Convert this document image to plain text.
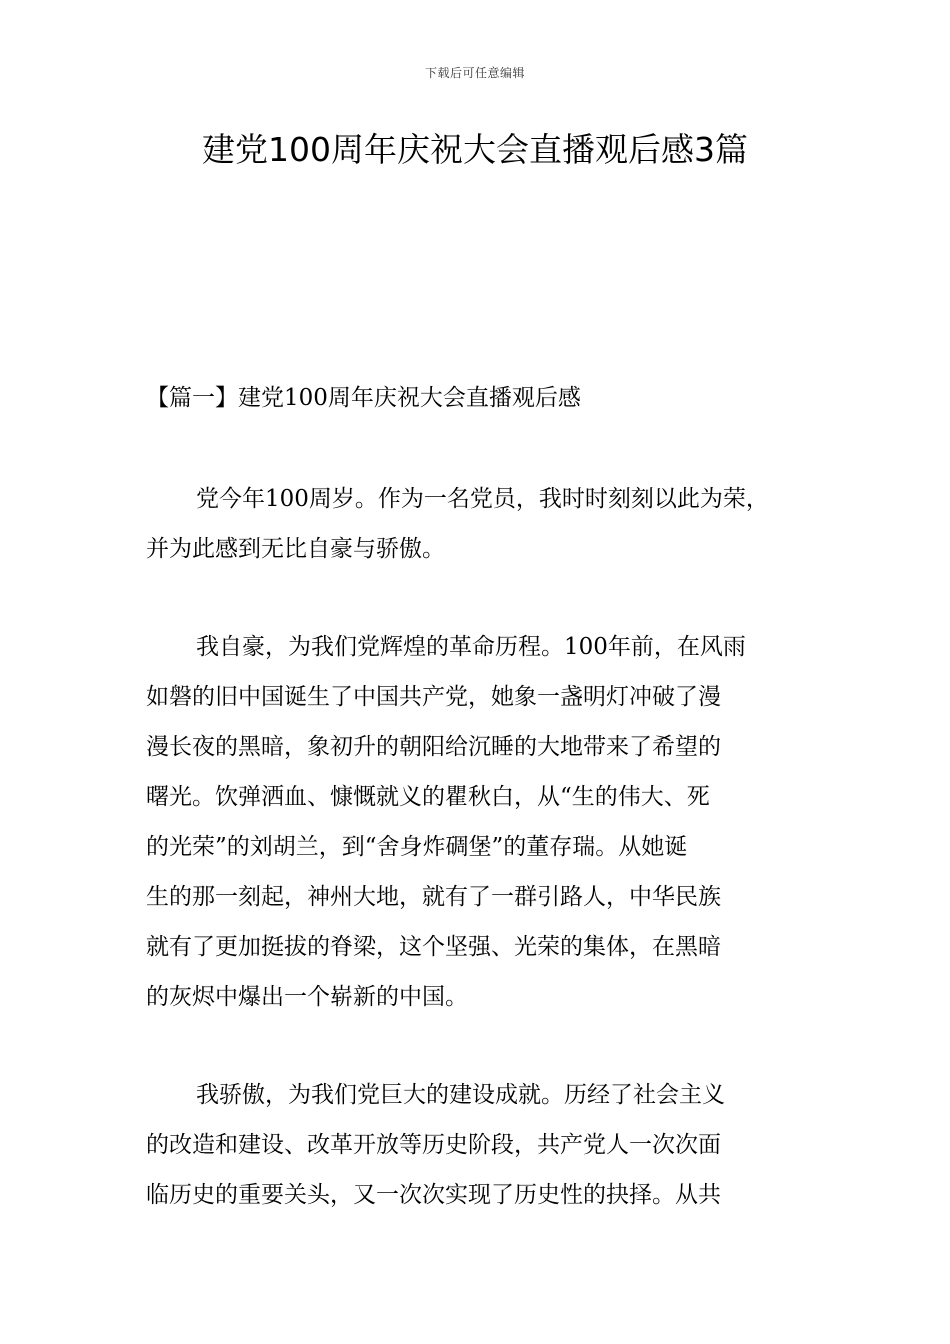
下载后可任意编辑
建党100周年庆祝大会直播观后感3篇
【篇一】建党100周年庆祝大会直播观后感
党今年100周岁。作为一名党员，我时时刻刻以此为荣，
并为此感到无比自豪与骄傲。
我自豪，为我们党辉煌的革命历程。100年前，在风雨
如磐的旧中国诞生了中国共产党，她象一盏明灯冲破了漫
漫长夜的黑暗，象初升的朝阳给沉睡的大地带来了希望的
曙光。饮弹洒血、慷慨就义的瞿秋白，从“生的伟大、死
的光荣”的刘胡兰，到“舍身炸碉堡”的董存瑞。从她诞
生的那一刻起，神州大地，就有了一群引路人，中华民族
就有了更加挺拔的脊梁，这个坚强、光荣的集体，在黑暗
的灰烬中爆出一个崭新的中国。
我骄傲，为我们党巨大的建设成就。历经了社会主义
的改造和建设、改革开放等历史阶段，共产党人一次次面
临历史的重要关头，又一次次实现了历史性的抉择。从共
